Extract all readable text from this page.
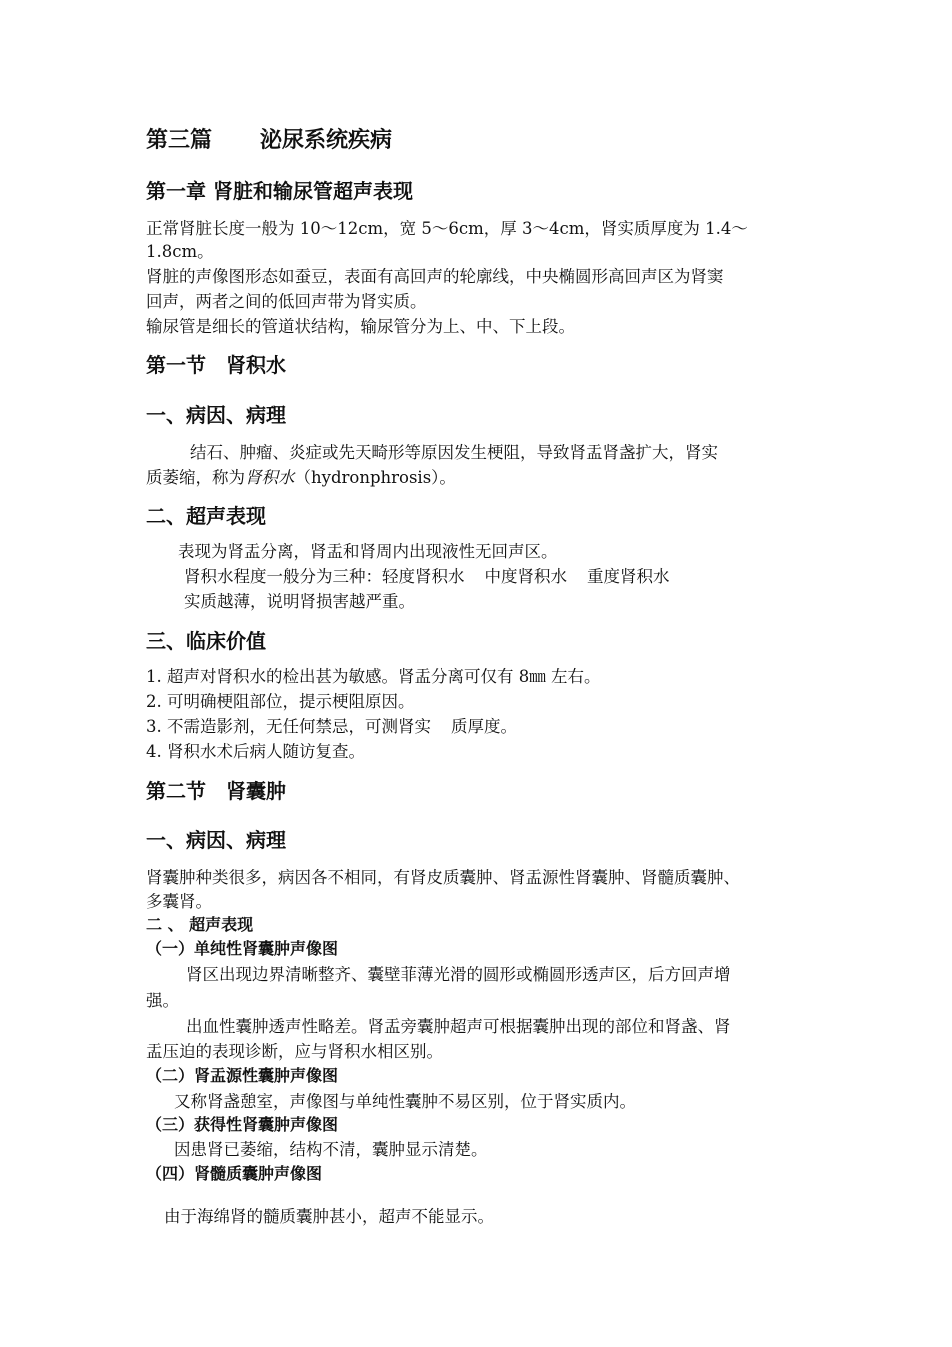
第三篇 泌尿系统疾病
第一章 肾脏和输尿管超声表现
正常肾脏长度一般为 10～12cm，宽 5～6cm，厚 3～4cm，肾实质厚度为 1.4～
1.8cm。
肾脏的声像图形态如蚕豆，表面有高回声的轮廓线，中央椭圆形高回声区为肾窦
回声，两者之间的低回声带为肾实质。
输尿管是细长的管道状结构，输尿管分为上、中、下上段。
第一节 肾积水
一、病因、病理
结石、肿瘤、炎症或先天畸形等原因发生梗阻，导致肾盂肾盏扩大，肾实
质萎缩，称为肾积水（hydronphrosis）。
二、超声表现
表现为肾盂分离，肾盂和肾周内出现液性无回声区。
肾积水程度一般分为三种：轻度肾积水 中度肾积水 重度肾积水
实质越薄，说明肾损害越严重。
三、临床价值
1. 超声对肾积水的检出甚为敏感。肾盂分离可仅有 8㎜ 左右。
2. 可明确梗阻部位，提示梗阻原因。
3. 不需造影剂，无任何禁忌，可测肾实 质厚度。
4. 肾积水术后病人随访复查。
第二节 肾囊肿
一、病因、病理
肾囊肿种类很多，病因各不相同，有肾皮质囊肿、肾盂源性肾囊肿、肾髓质囊肿、
多囊肾。
二 、 超声表现
（一）单纯性肾囊肿声像图
肾区出现边界清晰整齐、囊壁菲薄光滑的圆形或椭圆形透声区，后方回声增
强。
出血性囊肿透声性略差。肾盂旁囊肿超声可根据囊肿出现的部位和肾盏、肾
盂压迫的表现诊断，应与肾积水相区别。
（二）肾盂源性囊肿声像图
又称肾盏憩室，声像图与单纯性囊肿不易区别，位于肾实质内。
（三）获得性肾囊肿声像图
因患肾已萎缩，结构不清，囊肿显示清楚。
（四）肾髓质囊肿声像图
由于海绵肾的髓质囊肿甚小，超声不能显示。
